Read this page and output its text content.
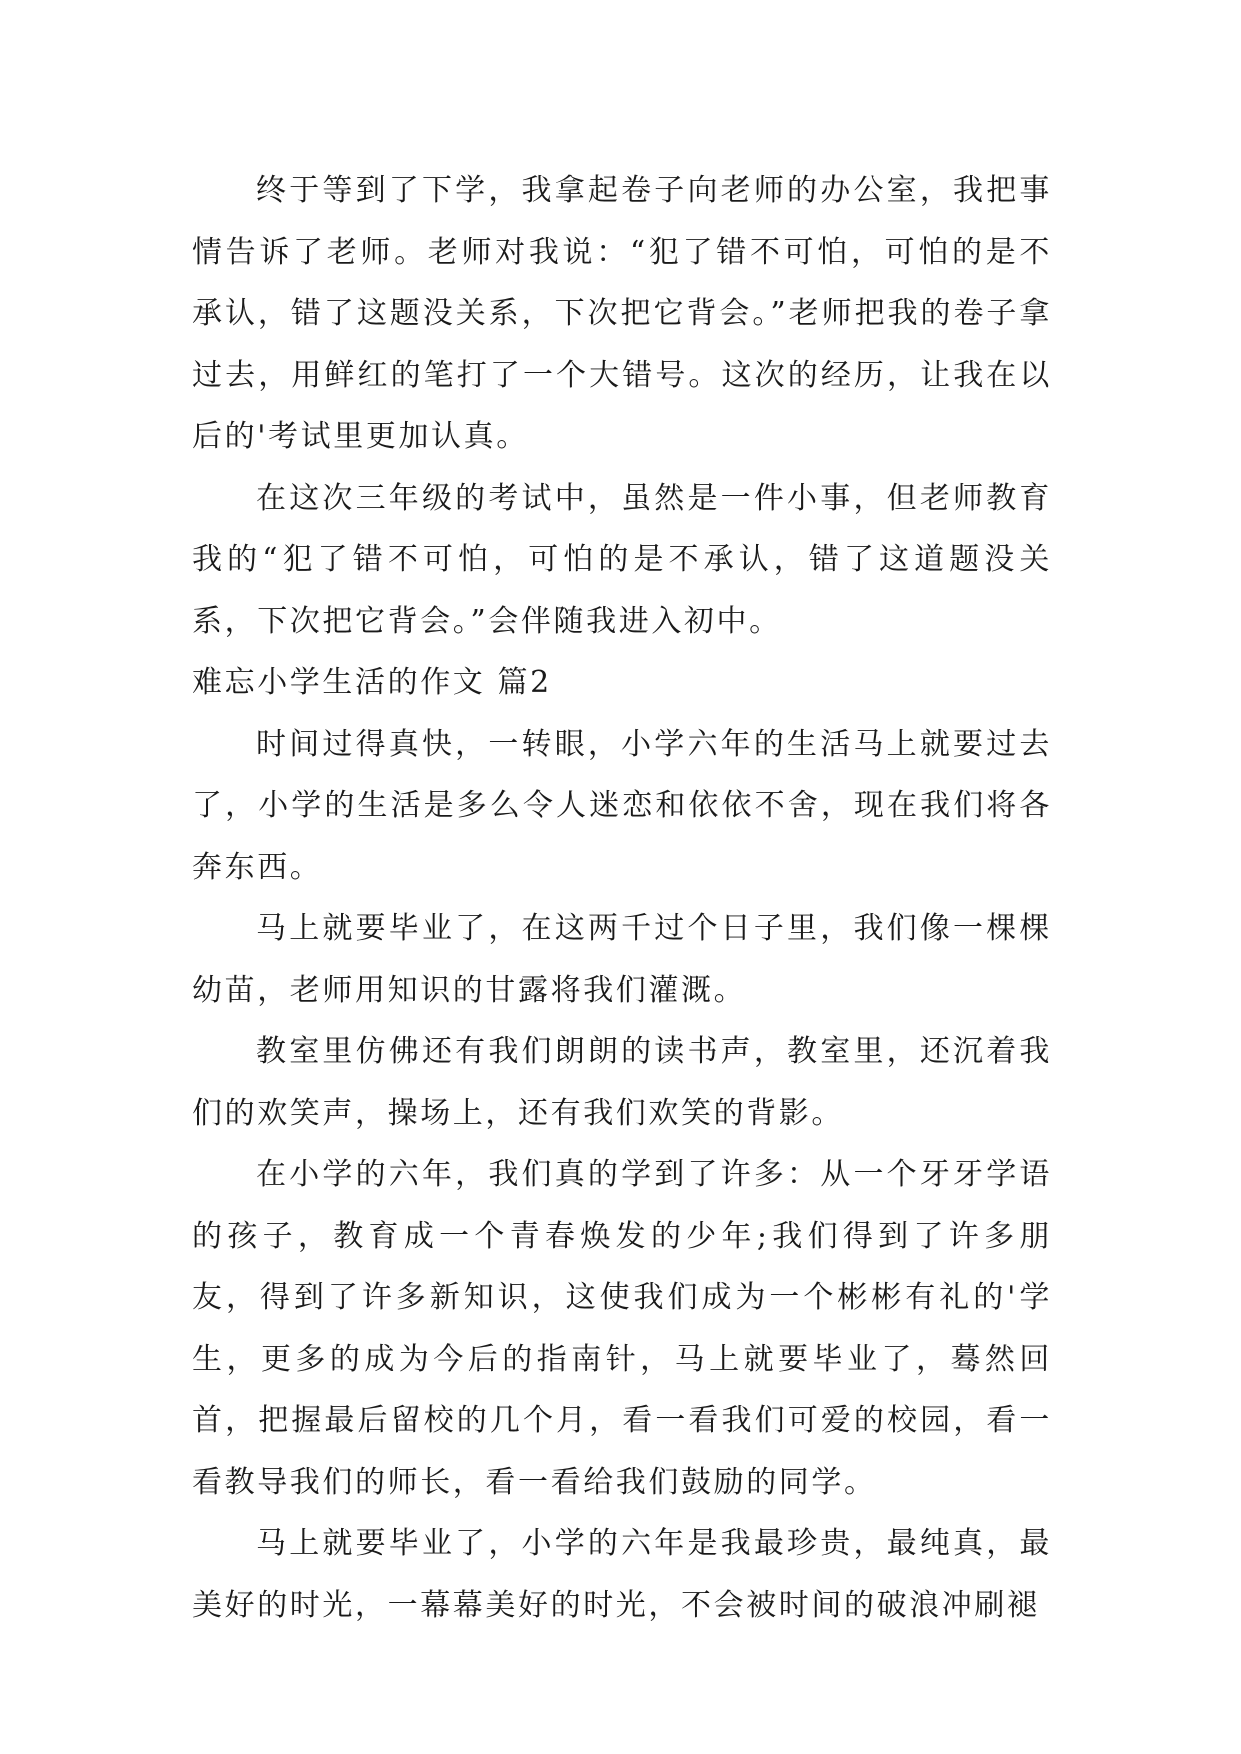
终于等到了下学，我拿起卷子向老师的办公室，我把事情告诉了老师。老师对我说：“犯了错不可怕，可怕的是不承认，错了这题没关系，下次把它背会。”老师把我的卷子拿过去，用鲜红的笔打了一个大错号。这次的经历，让我在以后的'考试里更加认真。

在这次三年级的考试中，虽然是一件小事，但老师教育我的“犯了错不可怕，可怕的是不承认，错了这道题没关系，下次把它背会。”会伴随我进入初中。

难忘小学生活的作文 篇2

时间过得真快，一转眼，小学六年的生活马上就要过去了，小学的生活是多么令人迷恋和依依不舍，现在我们将各奔东西。

马上就要毕业了，在这两千过个日子里，我们像一棵棵幼苗，老师用知识的甘露将我们灌溉。

教室里仿佛还有我们朗朗的读书声，教室里，还沉着我们的欢笑声，操场上，还有我们欢笑的背影。

在小学的六年，我们真的学到了许多：从一个牙牙学语的孩子，教育成一个青春焕发的少年;我们得到了许多朋友，得到了许多新知识，这使我们成为一个彬彬有礼的'学生，更多的成为今后的指南针，马上就要毕业了，蓦然回首，把握最后留校的几个月，看一看我们可爱的校园，看一看教导我们的师长，看一看给我们鼓励的同学。

马上就要毕业了，小学的六年是我最珍贵，最纯真，最美好的时光，一幕幕美好的时光，不会被时间的破浪冲刷褪
